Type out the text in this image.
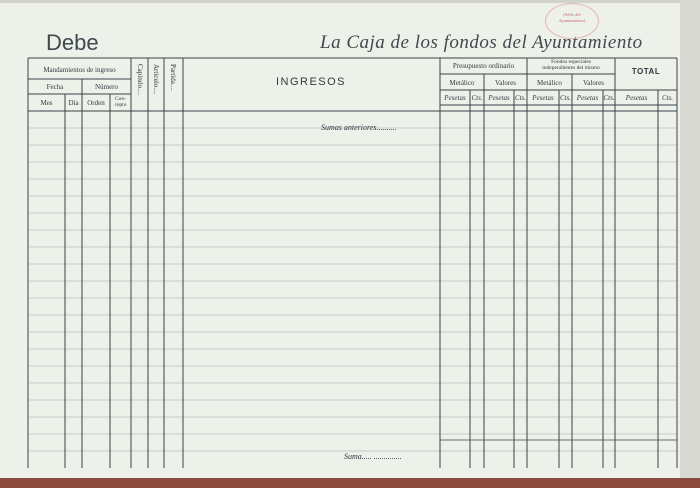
Debe	La Caja de los fondos del Ayuntamiento
(Sello del
Ayuntamiento)
Mandamientos de ingreso
Fecha	Número
Mes	Día	Orden	Con-
cepto
Capítulo.... Artículo.... Partida....	INGRESOS
Presupuesto ordinario	Fondos especiales
independientes del mismo	TOTAL
Metálico	Valores	Metálico	Valores
Pesetas Cts. Pesetas Cts. Pesetas Cts. Pesetas Cts.	Pesetas	Cts.
Sumas anteriores..........
Suma..... ..............
